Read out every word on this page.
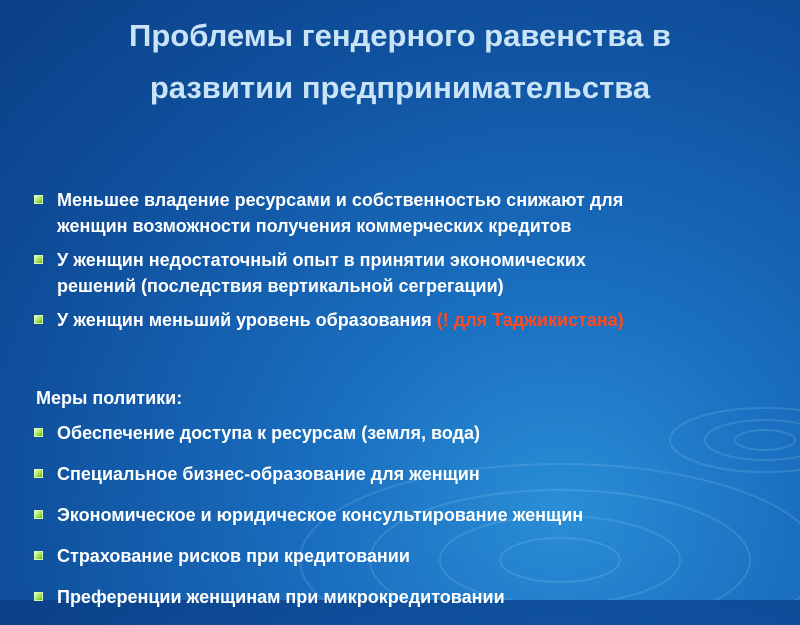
Проблемы гендерного равенства в
развитии предпринимательства
Меньшее владение ресурсами и собственностью снижают для
женщин возможности получения коммерческих кредитов
У женщин недостаточный опыт в принятии экономических
решений (последствия вертикальной сегрегации)
У женщин меньший уровень образования (! для Таджикистана)

Меры политики:

Обеспечение доступа к ресурсам (земля, вода)
Специальное бизнес-образование для женщин
Экономическое и юридическое консультирование женщин
Страхование рисков при кредитовании
Преференции женщинам при микрокредитовании
